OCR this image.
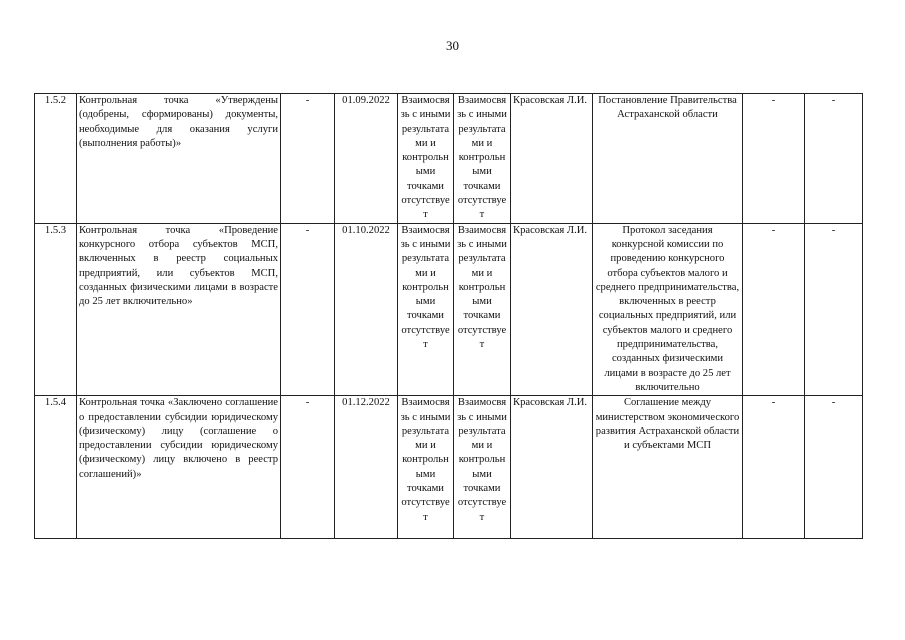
30
1.5.2	Контрольная точка «Утверждены (одобрены, сформированы) документы, необходимые для оказания услуги (выполнения работы)»	-	01.09.2022	Взаимосвязь с иными результатами и контрольными точками отсутствует	Взаимосвязь с иными результатами и контрольными точками отсутствует	Красовская Л.И.	Постановление Правительства Астраханской области	-	-
1.5.3	Контрольная точка «Проведение конкурсного отбора субъектов МСП, включенных в реестр социальных предприятий, или субъектов МСП, созданных физическими лицами в возрасте до 25 лет включительно»	-	01.10.2022	Взаимосвязь с иными результатами и контрольными точками отсутствует	Взаимосвязь с иными результатами и контрольными точками отсутствует	Красовская Л.И.	Протокол заседания конкурсной комиссии по проведению конкурсного отбора субъектов малого и среднего предпринимательства, включенных в реестр социальных предприятий, или субъектов малого и среднего предпринимательства, созданных физическими лицами в возрасте до 25 лет включительно	-	-
1.5.4	Контрольная точка «Заключено соглашение о предоставлении субсидии юридическому (физическому) лицу (соглашение о предоставлении субсидии юридическому (физическому) лицу включено в реестр соглашений)»	-	01.12.2022	Взаимосвязь с иными результатами и контрольными точками отсутствует	Взаимосвязь с иными результатами и контрольными точками отсутствует	Красовская Л.И.	Соглашение между министерством экономического развития Астраханской области и субъектами МСП	-	-
